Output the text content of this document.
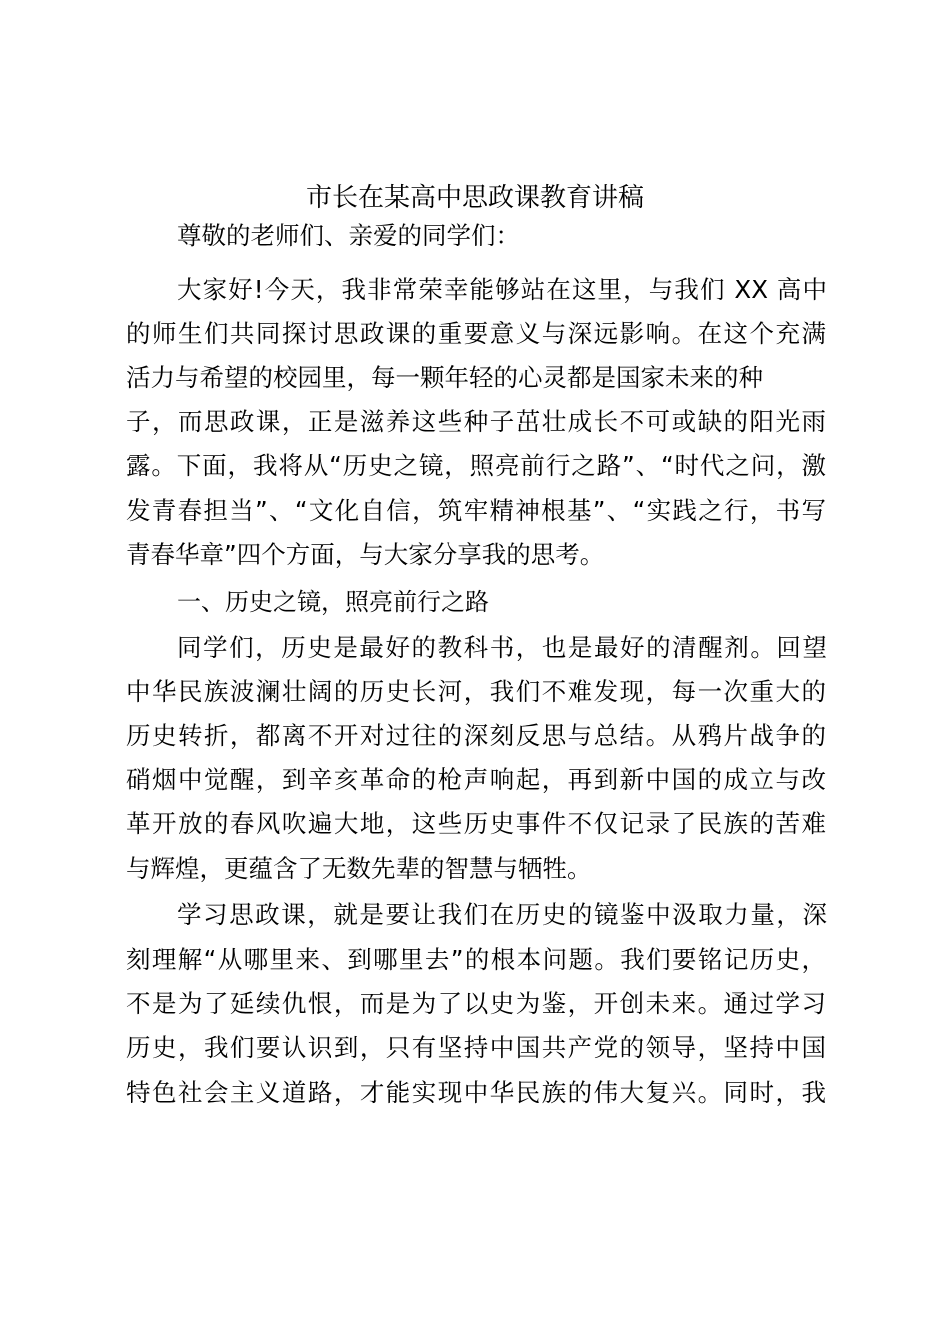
市长在某高中思政课教育讲稿

尊敬的老师们、亲爱的同学们：

大家好!今天，我非常荣幸能够站在这里，与我们 XX 高中

的师生们共同探讨思政课的重要意义与深远影响。在这个充满

活力与希望的校园里，每一颗年轻的心灵都是国家未来的种

子，而思政课，正是滋养这些种子茁壮成长不可或缺的阳光雨

露。下面，我将从“历史之镜，照亮前行之路”、“时代之问，激

发青春担当”、“文化自信，筑牢精神根基”、“实践之行，书写

青春华章”四个方面，与大家分享我的思考。

一、历史之镜，照亮前行之路

同学们，历史是最好的教科书，也是最好的清醒剂。回望

中华民族波澜壮阔的历史长河，我们不难发现，每一次重大的

历史转折，都离不开对过往的深刻反思与总结。从鸦片战争的

硝烟中觉醒，到辛亥革命的枪声响起，再到新中国的成立与改

革开放的春风吹遍大地，这些历史事件不仅记录了民族的苦难

与辉煌，更蕴含了无数先辈的智慧与牺牲。

学习思政课，就是要让我们在历史的镜鉴中汲取力量，深

刻理解“从哪里来、到哪里去”的根本问题。我们要铭记历史，

不是为了延续仇恨，而是为了以史为鉴，开创未来。通过学习

历史，我们要认识到，只有坚持中国共产党的领导，坚持中国

特色社会主义道路，才能实现中华民族的伟大复兴。同时，我
